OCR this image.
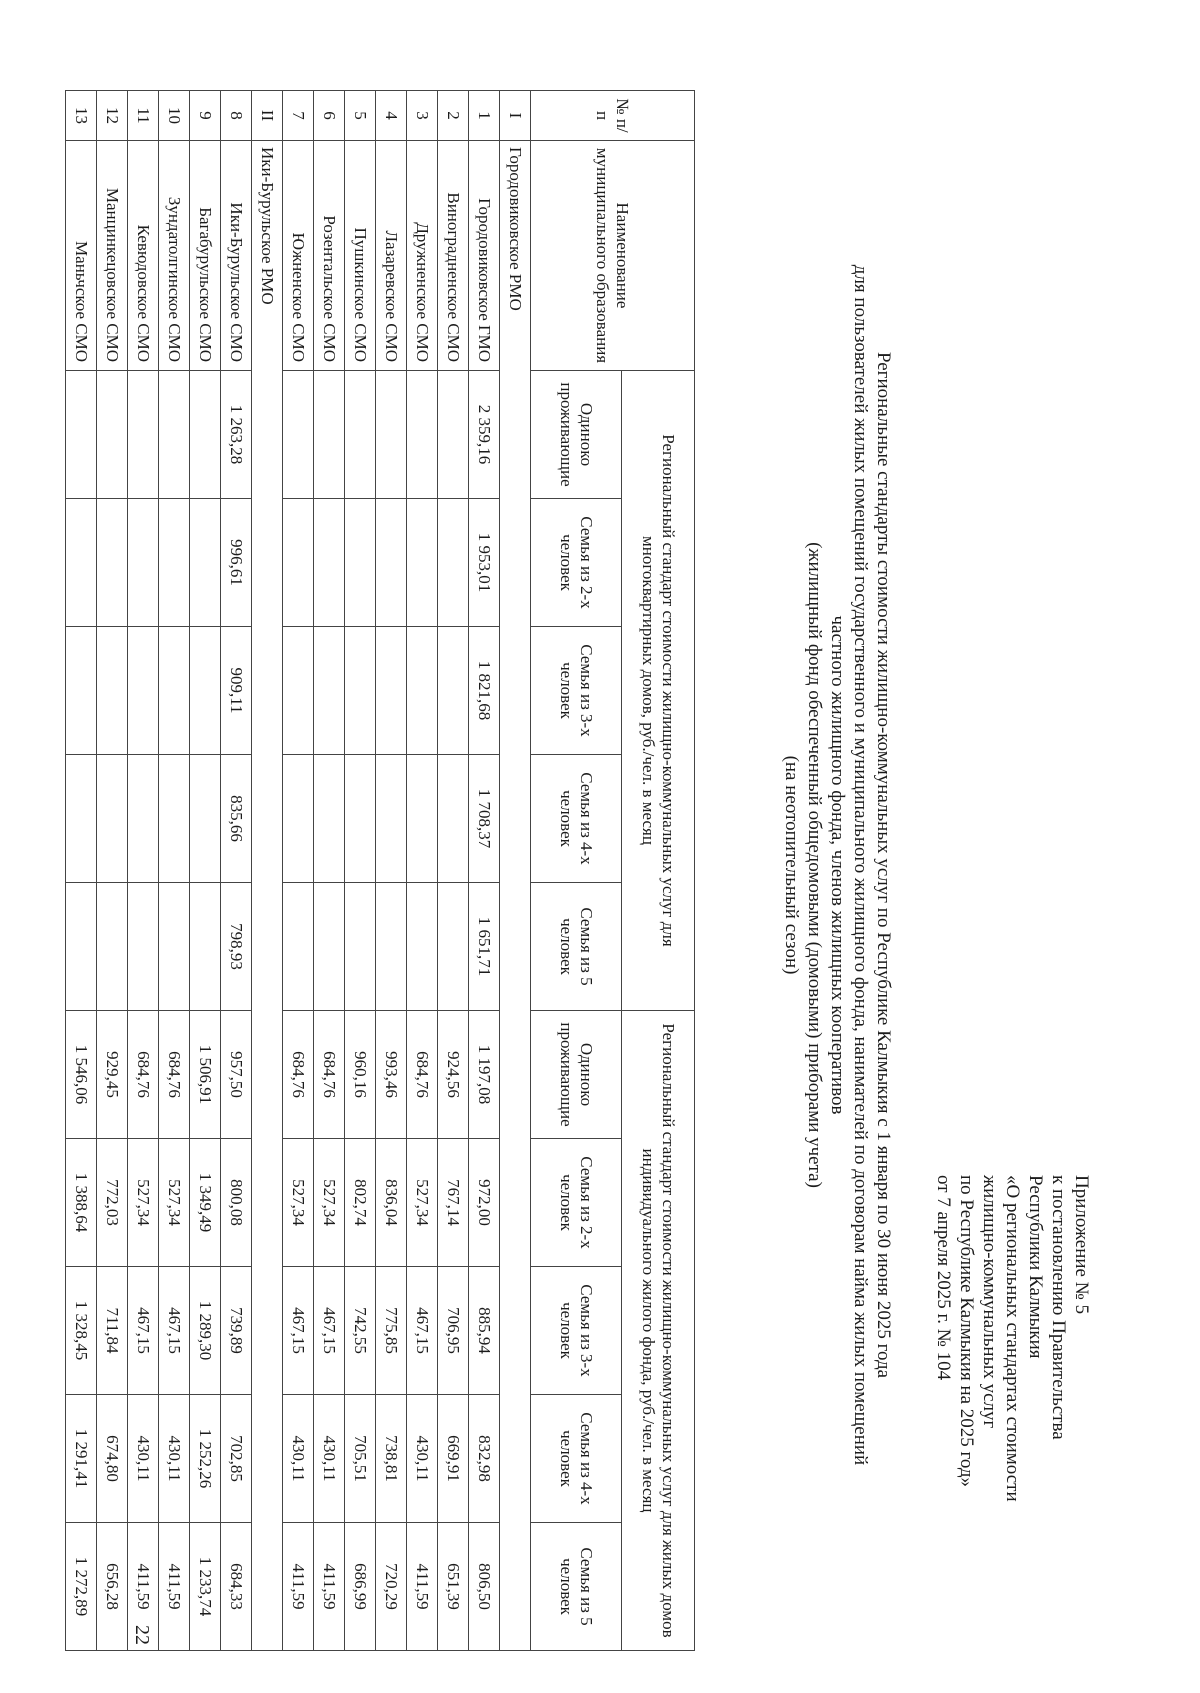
Приложение № 5
к постановлению Правительства
Республики Калмыкия
«О региональных стандартах стоимости
жилищно-коммунальных услуг
по Республике Калмыкия на 2025 год»
от 7 апреля 2025 г. № 104
Региональные стандарты стоимости жилищно-коммунальных услуг по Республике Калмыкия с 1 января по 30 июня 2025 года
для пользователей жилых помещений государственного и муниципального жилищного фонда, нанимателей по договорам найма жилых помещений
частного жилищного фонда, членов жилищных кооперативов
(жилищный фонд обеспеченный общедомовыми (домовыми) приборами учета)
(на неотопительный сезон)
№ п/п	Наименование муниципального образования	Региональный стандарт стоимости жилищно-коммунальных услуг для многоквартирных домов, руб./чел. в месяц					Региональный стандарт стоимости жилищно-коммунальных услуг для жилых домов индивидуального жилого фонда, руб./чел. в месяц				
		Одиноко проживающие	Семья из 2-х человек	Семья из 3-х человек	Семья из 4-х человек	Семья из 5 человек	Одиноко проживающие	Семья из 2-х человек	Семья из 3-х человек	Семья из 4-х человек	Семья из 5 человек
I	Городовиковское РМО										
1	Городовиковское ГМО	2 359,16	1 953,01	1 821,68	1 708,37	1 651,71	1 197,08	972,00	885,94	832,98	806,50
2	Виноградненское СМО						924,56	767,14	706,95	669,91	651,39
3	Дружненское СМО						684,76	527,34	467,15	430,11	411,59
4	Лазаревское СМО						993,46	836,04	775,85	738,81	720,29
5	Пушкинское СМО						960,16	802,74	742,55	705,51	686,99
6	Розентальское СМО						684,76	527,34	467,15	430,11	411,59
7	Южненское СМО						684,76	527,34	467,15	430,11	411,59
II	Ики-Бурульское РМО										
8	Ики-Бурульское СМО	1 263,28	996,61	909,11	835,66	798,93	957,50	800,08	739,89	702,85	684,33
9	Багабурульское СМО						1 506,91	1 349,49	1 289,30	1 252,26	1 233,74
10	Зундатолгинское СМО						684,76	527,34	467,15	430,11	411,59
11	Кевюдовское СМО						684,76	527,34	467,15	430,11	411,59
12	Манцинкецовское СМО						929,45	772,03	711,84	674,80	656,28
13	Маньчское СМО						1 546,06	1 388,64	1 328,45	1 291,41	1 272,89
22
